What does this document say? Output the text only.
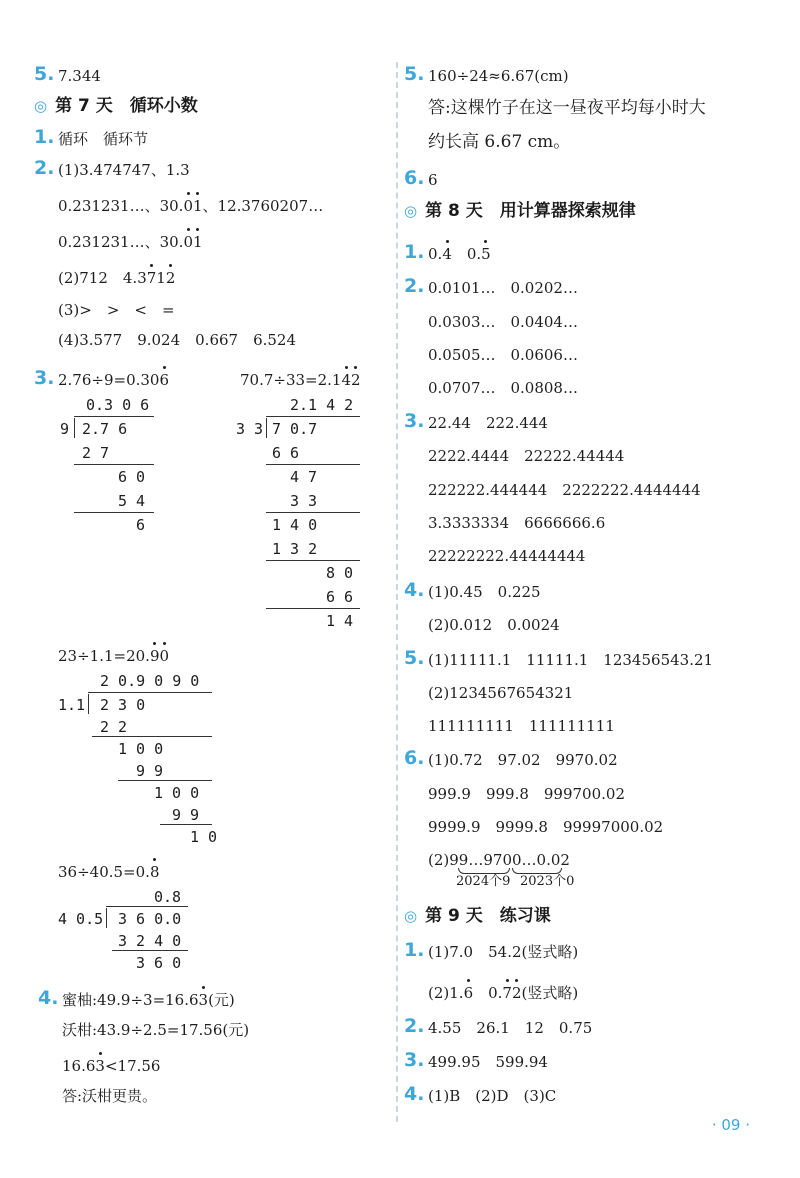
5. 7.344
◎ 第 7 天　循环小数
1. 循环　循环节
2. (1)3.474747、1.3
0.231231…、30.01、12.3760207…
0.231231…、30.01
(2)712　4.3712
(3)>　>　<　=
(4)3.577　9.024　0.667　6.524
3. 2.76÷9=0.306	70.7÷33=2.142
0.3 0 6
9 2.7 6
2 7
6 0
5 4
6
2.1 4 2
3 3 7 0.7
6 6
4 7
3 3
1 4 0
1 3 2
8 0
6 6
1 4
23÷1.1=20.90
2 0.9 0 9 0
1.1 2 3 0
2 2
1 0 0
9 9
1 0 0
9 9
1 0
36÷40.5=0.8
0.8
4 0.5 3 6 0.0
3 2 4 0
3 6 0
4. 蜜柚:49.9÷3=16.63(元)
沃柑:43.9÷2.5=17.56(元)
16.63<17.56
答:沃柑更贵。
5. 160÷24≈6.67(cm)
答:这棵竹子在这一昼夜平均每小时大
约长高 6.67 cm。
6. 6
◎ 第 8 天　用计算器探索规律
1. 0.4　0.5
2. 0.0101…　0.0202…
0.0303…　0.0404…
0.0505…　0.0606…
0.0707…　0.0808…
3. 22.44　222.444
2222.4444　22222.44444
222222.444444　2222222.4444444
3.3333334　6666666.6
22222222.44444444
4. (1)0.45　0.225
(2)0.012　0.0024
5. (1)11111.1　11111.1　123456543.21
(2)1234567654321
111111111　111111111
6. (1)0.72　97.02　9970.02
999.9　999.8　999700.02
9999.9　9999.8　99997000.02
(2)99…9700…0.02
2024个9 2023个0
◎ 第 9 天　练习课
1. (1)7.0　54.2(竖式略)
(2)1.6　0.72(竖式略)
2. 4.55　26.1　12　0.75
3. 499.95　599.94
4. (1)B　(2)D　(3)C
· 09 ·
